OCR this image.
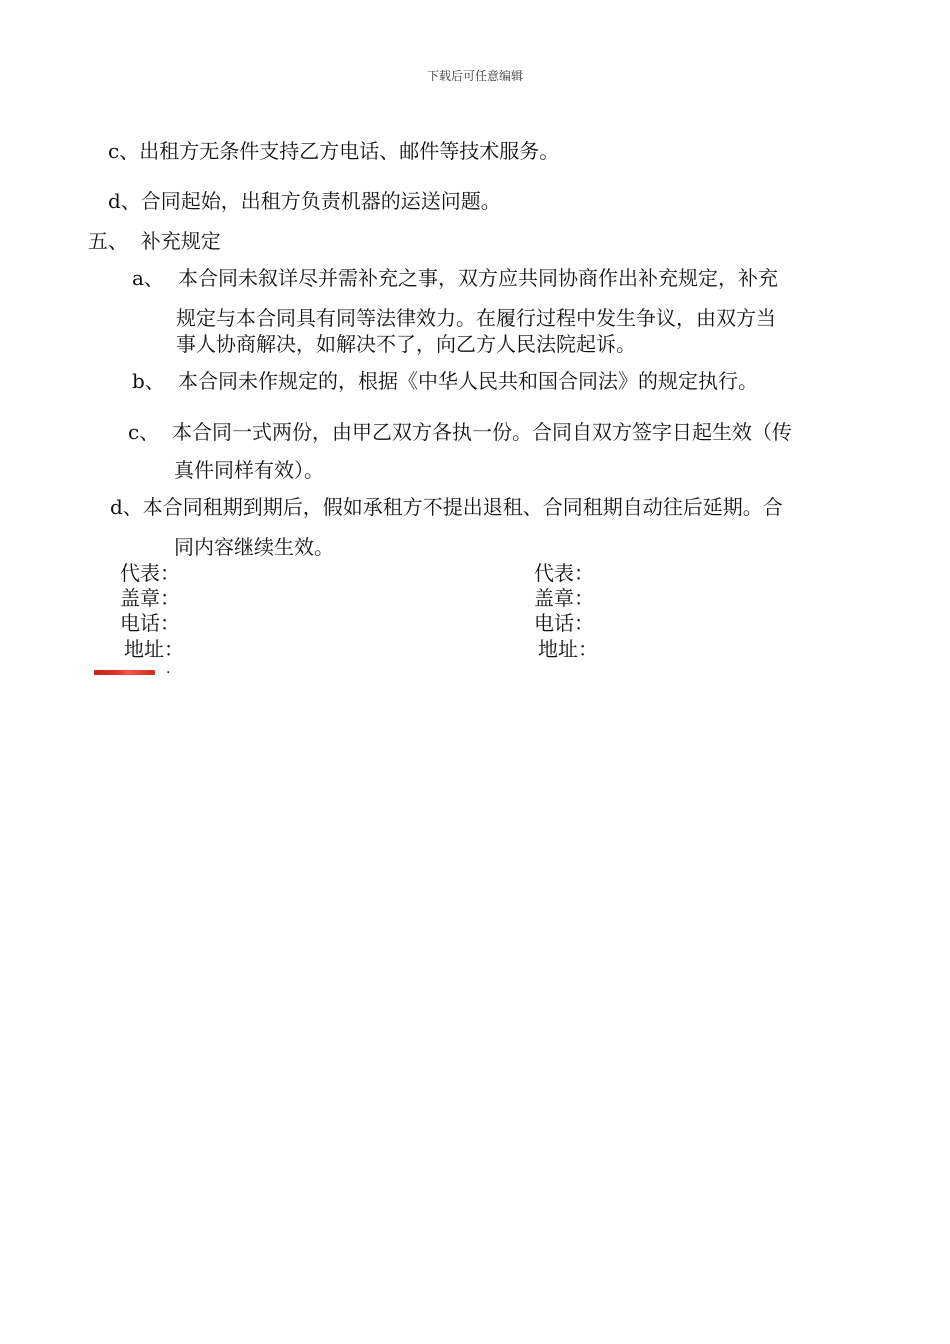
下载后可任意编辑
c、出租方无条件支持乙方电话、邮件等技术服务。
d、合同起始，出租方负责机器的运送问题。
五、  补充规定
a、 本合同未叙详尽并需补充之事，双方应共同协商作出补充规定，补充
规定与本合同具有同等法律效力。在履行过程中发生争议，由双方当
事人协商解决，如解决不了，向乙方人民法院起诉。
b、 本合同未作规定的，根据《中华人民共和国合同法》的规定执行。
c、 本合同一式两份，由甲乙双方各执一份。合同自双方签字日起生效（传
真件同样有效）。
d、本合同租期到期后，假如承租方不提出退租、合同租期自动往后延期。合
同内容继续生效。
代表：
盖章：
电话：
地址：
代表：
盖章：
电话：
地址：
.
